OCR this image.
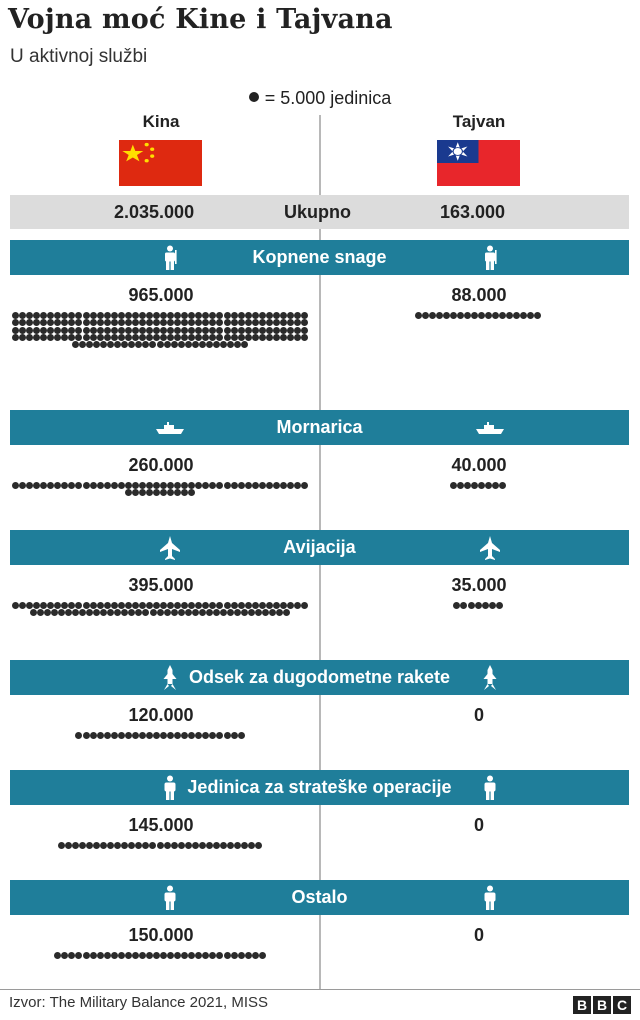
Vojna moć Kine i Tajvana
U aktivnoj službi
= 5.000 jedinica
Kina	Tajvan
2.035.000	Ukupno	163.000
Kopnene snage
965.000	88.000
Mornarica
260.000	40.000
Avijacija
395.000	35.000
Odsek za dugodometne rakete
120.000	0
Jedinica za strateške operacije
145.000	0
Ostalo
150.000	0
Izvor: The Military Balance 2021, MISS	B B C
